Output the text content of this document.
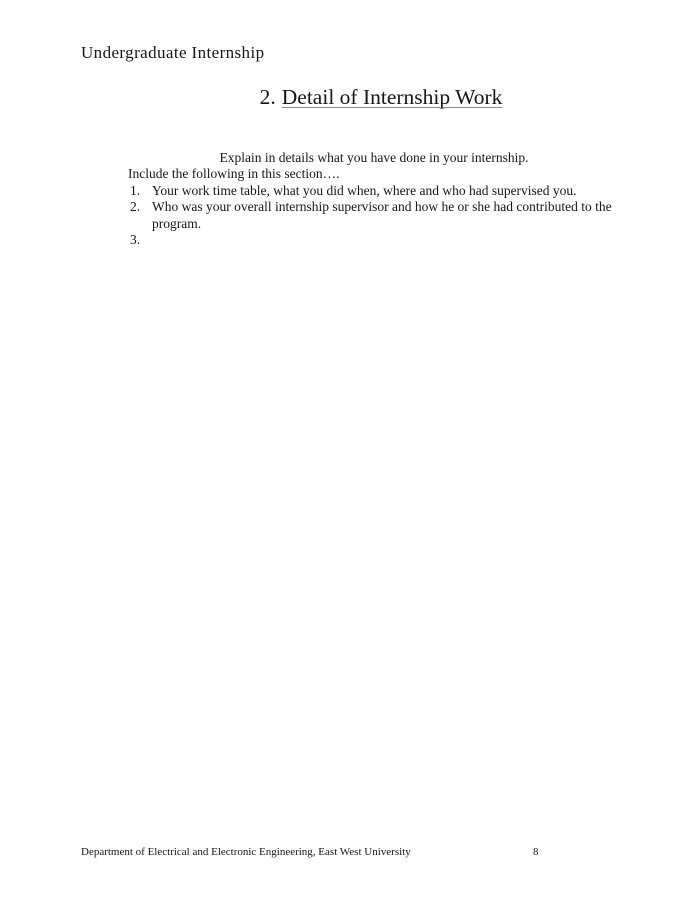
Undergraduate Internship
2. Detail of Internship Work
Explain in details what you have done in your internship.
Include the following in this section….
1. Your work time table, what you did when, where and who had supervised you.
2. Who was your overall internship supervisor and how he or she had contributed to the program.
3.
Department of Electrical and Electronic Engineering, East West University	8
